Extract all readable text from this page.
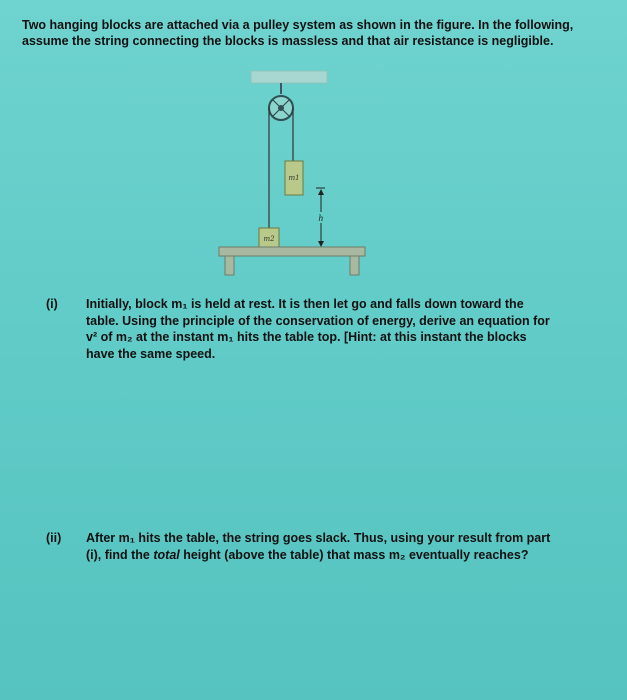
Two hanging blocks are attached via a pulley system as shown in the figure. In the following, assume the string connecting the blocks is massless and that air resistance is negligible.
m1
h
m2
(i) Initially, block m₁ is held at rest. It is then let go and falls down toward the table. Using the principle of the conservation of energy, derive an equation for v² of m₂ at the instant m₁ hits the table top. [Hint: at this instant the blocks have the same speed.
(ii) After m₁ hits the table, the string goes slack. Thus, using your result from part (i), find the total height (above the table) that mass m₂ eventually reaches?
